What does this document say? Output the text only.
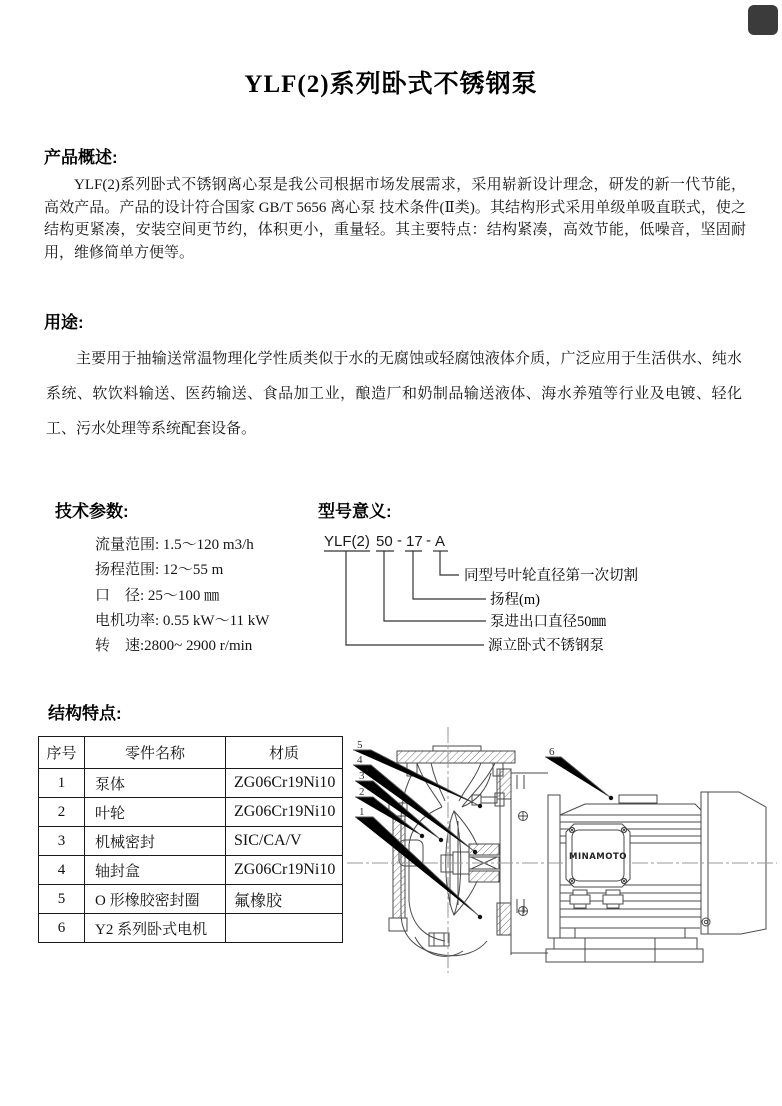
YLF(2)系列卧式不锈钢泵
产品概述:
YLF(2)系列卧式不锈钢离心泵是我公司根据市场发展需求，采用崭新设计理念，研发的新一代节能，高效产品。产品的设计符合国家 GB/T 5656 离心泵 技术条件(Ⅱ类)。其结构形式采用单级单吸直联式，使之结构更紧凑，安装空间更节约，体积更小，重量轻。其主要特点：结构紧凑，高效节能，低噪音，坚固耐用，维修简单方便等。
用途:
主要用于抽输送常温物理化学性质类似于水的无腐蚀或轻腐蚀液体介质，广泛应用于生活供水、纯水系统、软饮料输送、医药输送、食品加工业，酿造厂和奶制品输送液体、海水养殖等行业及电镀、轻化工、污水处理等系统配套设备。
技术参数:
流量范围: 1.5～120 m3/h
扬程范围: 12～55 m
口　径: 25～100 ㎜
电机功率: 0.55 kW～11 kW
转　速:2800~ 2900 r/min
型号意义:
YLF(2) 50 - 17 - A
同型号叶轮直径第一次切割
扬程(m)
泵进出口直径50㎜
源立卧式不锈钢泵
结构特点:
序号	零件名称	材质
1	泵体	ZG06Cr19Ni10
2	叶轮	ZG06Cr19Ni10
3	机械密封	SIC/CA/V
4	轴封盒	ZG06Cr19Ni10
5	O 形橡胶密封圈	氟橡胶
6	Y2 系列卧式电机	
5
4
3
2
1
6
MINAMOTO
